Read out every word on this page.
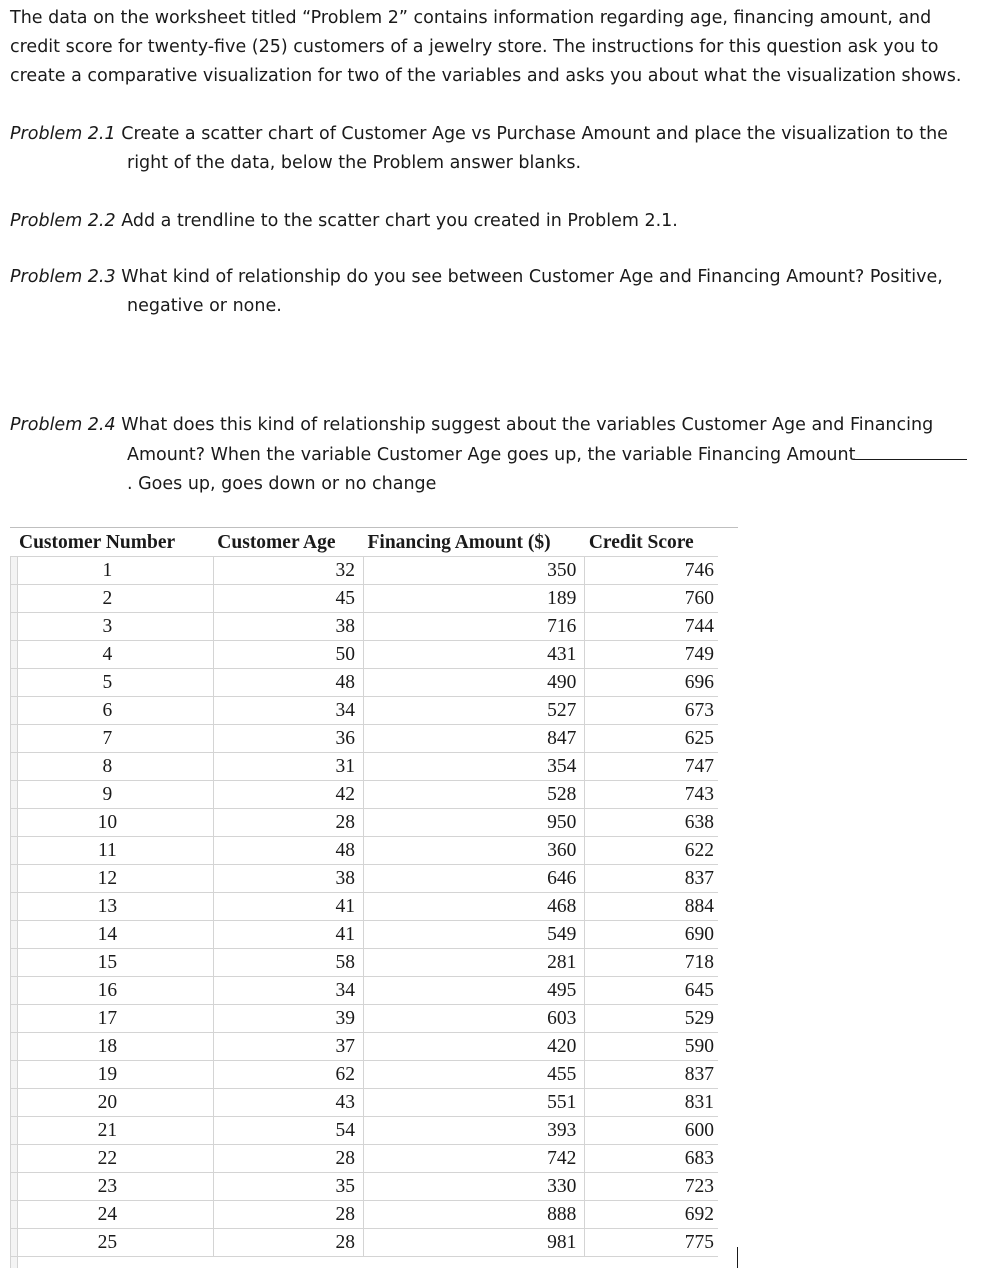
The data on the worksheet titled “Problem 2” contains information regarding age, financing amount, and credit score for twenty-five (25) customers of a jewelry store. The instructions for this question ask you to create a comparative visualization for two of the variables and asks you about what the visualization shows.

Problem 2.1 Create a scatter chart of Customer Age vs Purchase Amount and place the visualization to the right of the data, below the Problem answer blanks.

Problem 2.2 Add a trendline to the scatter chart you created in Problem 2.1.

Problem 2.3 What kind of relationship do you see between Customer Age and Financing Amount? Positive, negative or none.

Problem 2.4 What does this kind of relationship suggest about the variables Customer Age and Financing Amount? When the variable Customer Age goes up, the variable Financing Amount. Goes up, goes down or no change

Customer Number	Customer Age	Financing Amount ($)	Credit Score
1	32	350	746
2	45	189	760
3	38	716	744
4	50	431	749
5	48	490	696
6	34	527	673
7	36	847	625
8	31	354	747
9	42	528	743
10	28	950	638
11	48	360	622
12	38	646	837
13	41	468	884
14	41	549	690
15	58	281	718
16	34	495	645
17	39	603	529
18	37	420	590
19	62	455	837
20	43	551	831
21	54	393	600
22	28	742	683
23	35	330	723
24	28	888	692
25	28	981	775
